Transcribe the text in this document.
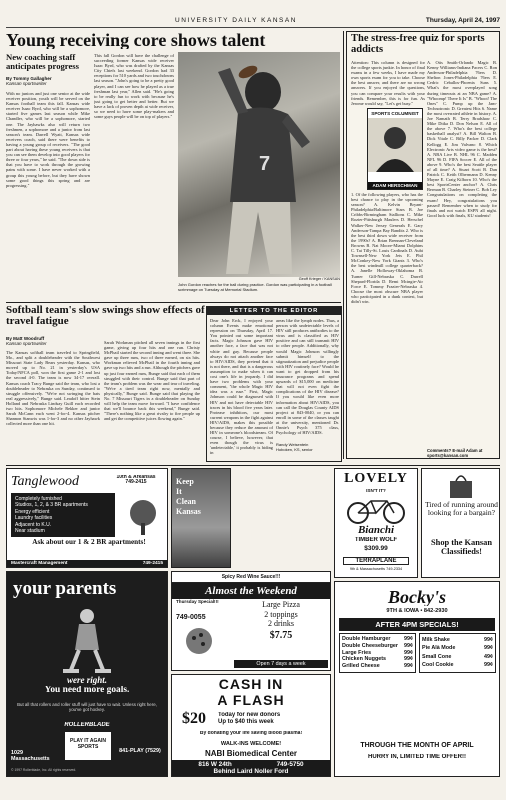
Thursday, April 24, 1997
UNIVERSITY DAILY KANSAN
Young receiving core shows talent
New coaching staff anticipates progress
By Tommy Gallagher
Kansan sportswriter
With no juniors and just one senior at the wide receiver position, youth will be served on the Kansas football team this fall. Kansas wide receiver Isaac Byrd, who will be a sophomore, started five games last season while Mike Chandler, who will be a sophomore, started one. The Jayhawks also will return two freshmen, a sophomore and a junior from last season's team. Darrell Wyatt, Kansas wide receivers coach, said there were benefits to having a young group of receivers. "The good part about having these young receivers is that you can see them develop into good players for three or four years," he said. "The down side is that you have to work through the growing pains with some. I have never worked with a group this young before, but they have shown some good things this spring and are progressing."
This fall Gordon will have the challenge of succeeding former Kansas wide receiver Isaac Byrd, who was drafted by the Kansas City Chiefs last weekend. Gordon had 33 receptions for 510 yards and two touchdowns last season. "John's going to be a pretty good player, and I can see how he played as a true freshman last year," Allen said. "He's going to be really fun to work with because he's just going to get better and better. But we have a lack of proven depth at wide receiver, so we need to have some play-makers and some guys people will be on top of players."
7
Geoff Krieger / KANSAN
John Gordon reaches for the ball during practice. Gordon was participating in a football scrimmage on Tuesday at Memorial Stadium.
The stress-free quiz for sports addicts
Attention: This column is designed for the college sports junkie. In honor of final exams in a few weeks, I have made my own sports exam for you to take. Choose the best answer, and there are no wrong answers. If you enjoyed the questions, you can compare your results with your friends. Remember, this is for fun. As Jerome would say, "Let's get busy."
SPORTS COLUMNIST
ADAM HERSCHMAN
1. Of the following players, who has the best chance to play in the upcoming season? A. Kelvin Bryant-Philadelphia/Baltimore Stars B. Joe Cribbs-Birmingham Stallions C. Mike Rozier-Pittsburgh Maulers D. Herschel Walker-New Jersey Generals E. Gary Anderson-Tampa Bay Bandits 2. Who is the best third down wide receiver from the 1990s? A. Brian Brennan-Cleveland Browns B. Nat Moore-Miami Dolphins C. Tai Tilly-St. Louis Cardinals D. Aubi Townsell-New York Jets E. Phil McConkey-New York Giants 3. Who's the best windmill college quarterback? A. Janelle Holloway-Oklahoma B. Turner Gill-Nebraska C. Darrell Shepard-Florida D. Remi Mcingie-Air Force E. Tommy Frazier-Nebraska 4. Choose the most obscure NBA player who participated in a dunk contest, but didn't win.
A. Otis Smith-Orlando Magic B. Kenny Williams-Indiana Pacers C. Ron Anderson-Philadelphia 76ers D. Shelton Jones-Philadelphia 76ers E. Cedric Ceballos-Phoenix Suns 5. What's the most overplayed song during timeouts at an NBA game? A. "Whoomp! There It Is" B. "Whoot! The Ones" C. Pump up the Jam-Technotronic D. Greatest Hits 6. Name the most overrated athlete in history. A. Joe Namath B. Terry Bradshaw C. Mike Ditka D. Don Nelson E. All of the above 7. Who's the best college basketball analyst? A. Bill Walton B. Dick Vitale C. Billy Packer D. Clark Kellogg E. Jim Valvano 8. Which Electronic Arts video game is the best? A. NBA Live B. NHL 96 C. Madden NFL 96 D. FIFA Soccer E. All of the above 9. Who's the best Seattle player of all time? A. Stuart Scott B. Dan Patrick C. Keith Olbermann D. Kenny Mayne E. Craig Kilborn 10. Who's the best SportsCenter anchor? A. Chris Berman B. Charley Steiner C. Bob Ley Congratulations on completing the exam! Hey, congratulations you passed! Remember when to study for finals and not watch ESPN all night. Good luck with finals, KU students!
Comments? E-mail Adam at sports@kansan.com
Softball team's slow swings show effects of travel fatigue
By Matt Woodruff
Kansan sportswriter
The Kansas softball team traveled to Springfield, Mo., and split a doubleheader with the Southwest Missouri State Lady Bears yesterday. Kansas, who moved up to No. 21 in yesterday's USA Today/NFCA poll, won the first game 2-1 and lost the second 4-0. The team is now 34-17 overall. Kansas coach Tracy Bunge said the team, who lost a doubleheader to Nebraska on Sunday, continued to struggle offensively. "We're not swinging the bats real aggressively," Bunge said. Leadoff hitter Stein Holland and Nebraska Lindsay Guill each recorded two hits. Sophomore Michele Rekker and junior Sarah McCann each went 2-for-4. Kansas pitcher Shannon Stanwix was 1-for-3 and no other Jayhawk collected more than one hit.
Sarah Workman pitched all seven innings in the first game, giving up four hits and one run. Christy McPhail started the second inning and went three. She gave up three runs, two of three earned, on six hits. Workman relieved McPhail in the fourth inning and gave up two hits and a run. Although the pitchers gave up just four earned runs, Bunge said that each of them struggled with their control. Bunge said that part of the team's problem was the wear and tear of traveling. "We're a tired team right now, mentally and physically," Bunge said. Bunge said that playing the No. 7 Missouri Tigers in a doubleheader on Sunday will help the team move forward. "I have confidence that we'll bounce back this weekend," Bunge said. "There's nothing like a great rivalry to fire people up and get the competitive juices flowing again."
LETTER TO THE EDITOR
Dear John Erck, I enjoyed your column Events make emotional repression on Thursday, April 17. You pointed out some important facts. Magic Johnson gave HIV another face, a face that was not white and gay. Because people always do not attach another face to HIV/AIDS, they pretend that it is not there, and that is a dangerous assumption to make when it can cost one's life in jeopardy. I did have two problems with your comment, "the whole Magic HIV idea was a ruse." First, Magic Johnson could be diagnosed with HIV and not have detectable HIV traces in his blood five years later. Protease inhibitors, our most current weapons in the fight against HIV/AIDS, makes this possible because they reduce the amount of HIV in someone's bloodstream. Of course, I believe, however, that even though the virus is 'undetectable,' it probably is hiding in
areas like the lymph nodes. Thus, a person with undetectable levels of HIV still produces antibodies to the virus and is classified as HIV positive and can still transmit HIV to other people. Additionally, why would Magic Johnson willingly submit himself to the stigmatization and prejudice people with HIV routinely face? Would he want to get dropped from his insurance programs and spend upwards of $15,000 on medicine that will not even fight the complications of the HIV disease? If you would like even more information about HIV/AIDS, you can call the Douglas County AIDS project at 843-0040, or you can enroll in some of the classes taught at the university, mentioned Dr. Onnie's Psych 375 class, Psychology of HIV/AIDS.
Randy Weisentein
Hoboken, KS, senior
Tanglewood	10th & Arkansas
749-2415
Completely furnished
Studios, 1, 2, & 3 BR apartments
Energy efficient
Laundry facilities
Adjacent to K.U.
Near stadium
Ask about our 1 & 2 BR apartments!
Mastercraft Management	749-2415
Keep
It
Clean
Kansas
Spicy Red Wine Sauce!!!
Almost the Weekend
Thursday Special!!!
749-0055
Large Pizza
2 toppings
2 drinks
$7.75
Open 7 days a week
LOVELY
ISN'T IT?
Bianchi
TIMBER WOLF
$309.99
TERRAPLANE
9th & Massachusetts 749-2334
Tired of running around looking for a bargain?
Shop the Kansan Classifieds!
your parents
were right.
You need more goals.
But all that rollers and roller stuff will just have to wait. Unless right here, you've got hockey.
ROLLERBLADE
1029 Massachusetts
PLAY IT AGAIN SPORTS
841-PLAY (7529)
© 1997 Rollerblade, Inc. All rights reserved.
CASH IN
A FLASH
$20 Today for new donors
Up to $40 this week
By donating your life saving blood plasma!
WALK-INS WELCOME!
NABI Biomedical Center
816 W 24th	749-5750
Behind Laird Noller Ford
Bocky's
9TH & IOWA • 842-2930
AFTER 4PM SPECIALS!
Double Hamburger 99¢
Double Cheeseburger 99¢
Large Fries	99¢
Chicken Nuggets	99¢
Grilled Cheese	99¢
Milk Shake	99¢
Pie Alà Mode	99¢
Small Cone	49¢
Cool Cookie	99¢
THROUGH THE MONTH OF APRIL
HURRY IN, LIMITED TIME OFFER!!
